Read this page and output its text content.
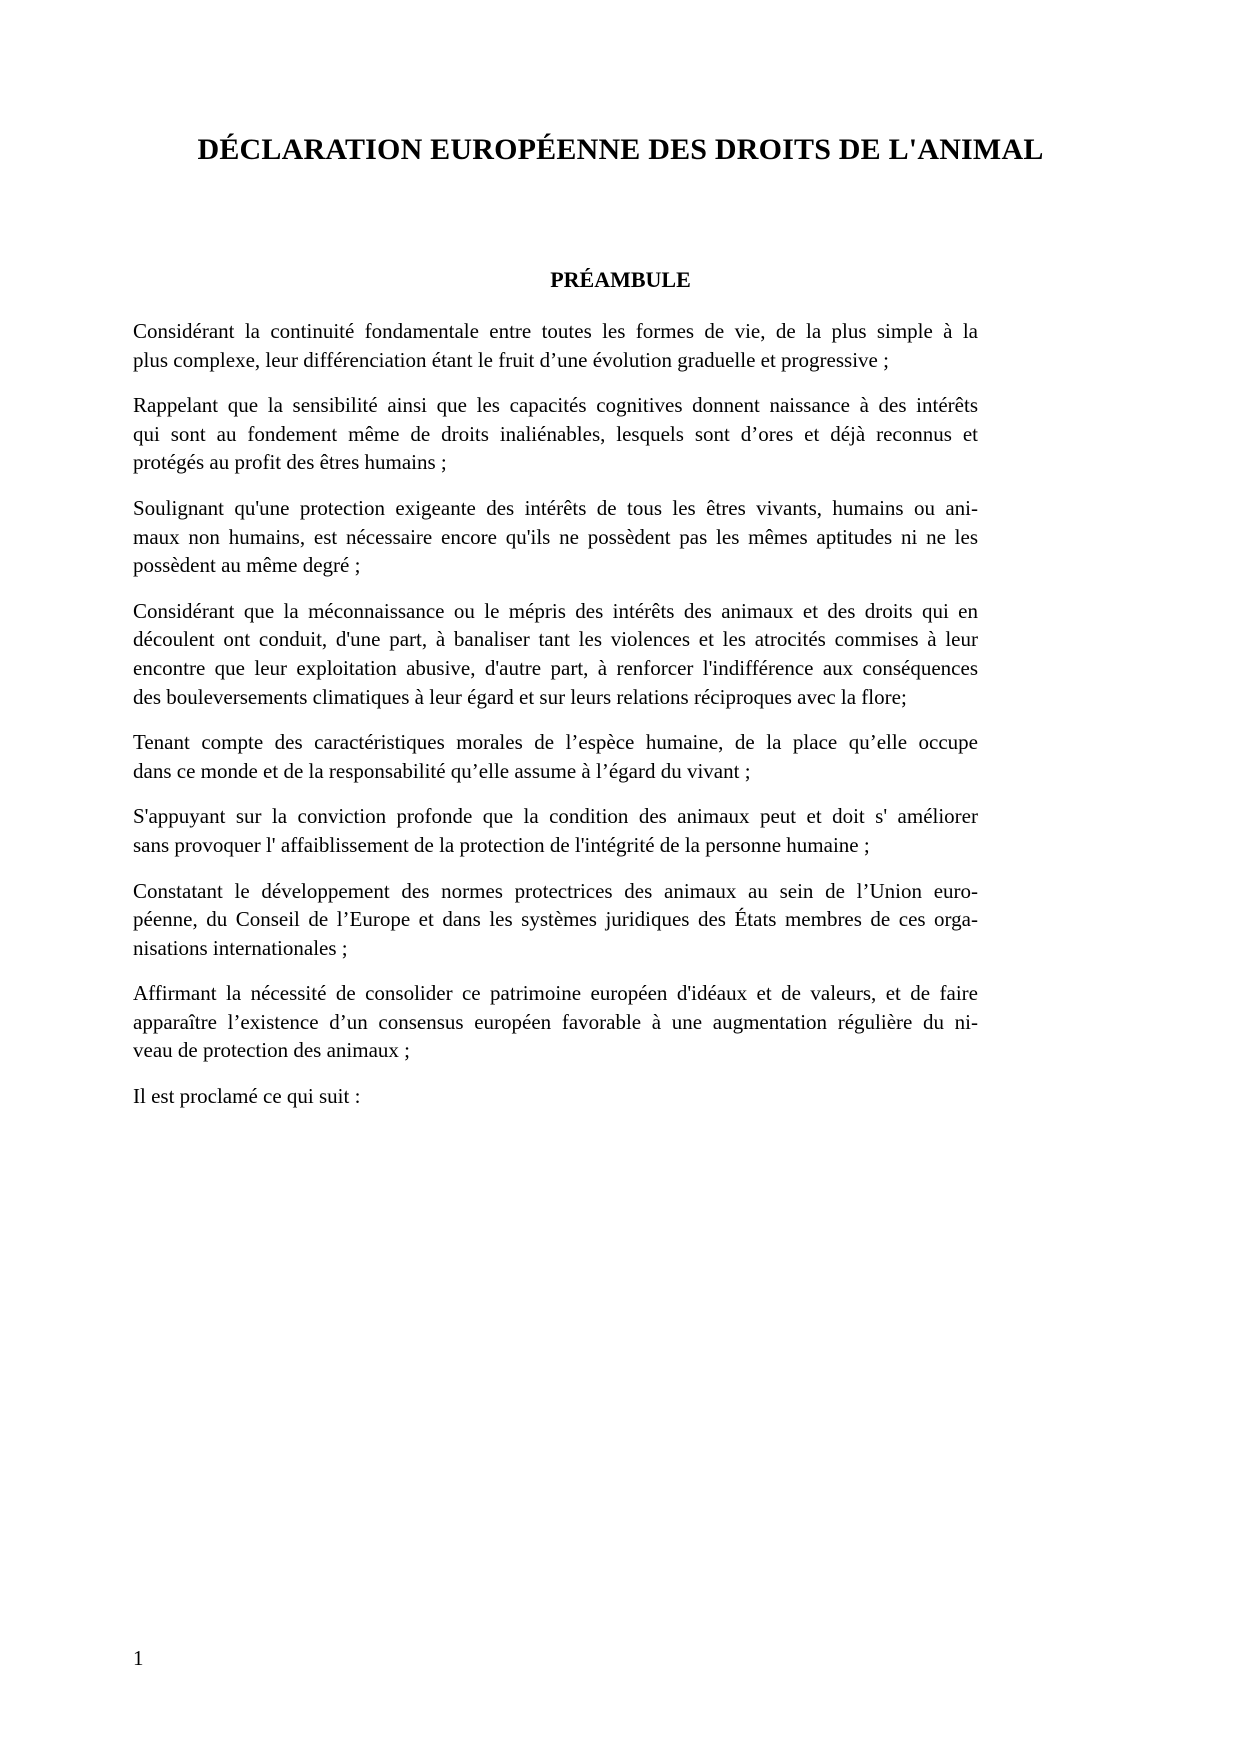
DÉCLARATION EUROPÉENNE DES DROITS DE L'ANIMAL
PRÉAMBULE
Considérant la continuité fondamentale entre toutes les formes de vie, de la plus simple à la
plus complexe, leur différenciation étant le fruit d’une évolution graduelle et progressive ;
Rappelant que la sensibilité ainsi que les capacités cognitives donnent naissance à des intérêts
qui sont au fondement même de droits inaliénables, lesquels sont d’ores et déjà reconnus et
protégés au profit des êtres humains ;
Soulignant qu'une protection exigeante des intérêts de tous les êtres vivants, humains ou ani-
maux non humains, est nécessaire encore qu'ils ne possèdent pas les mêmes aptitudes ni ne les
possèdent au même degré ;
Considérant que la méconnaissance ou le mépris des intérêts des animaux et des droits qui en
découlent ont conduit, d'une part, à banaliser tant les violences et les atrocités commises à leur
encontre que leur exploitation abusive, d'autre part, à renforcer l'indifférence aux conséquences
des bouleversements climatiques à leur égard et sur leurs relations réciproques avec la flore;
Tenant compte des caractéristiques morales de l’espèce humaine, de la place qu’elle occupe
dans ce monde et de la responsabilité qu’elle assume à l’égard du vivant ;
S'appuyant sur la conviction profonde que la condition des animaux peut et doit s' améliorer
sans provoquer l' affaiblissement de la protection de l'intégrité de la personne humaine ;
Constatant le développement des normes protectrices des animaux au sein de l’Union euro-
péenne, du Conseil de l’Europe et dans les systèmes juridiques des États membres de ces orga-
nisations internationales ;
Affirmant la nécessité de consolider ce patrimoine européen d'idéaux et de valeurs, et de faire
apparaître l’existence d’un consensus européen favorable à une augmentation régulière du ni-
veau de protection des animaux ;
Il est proclamé ce qui suit :
1
